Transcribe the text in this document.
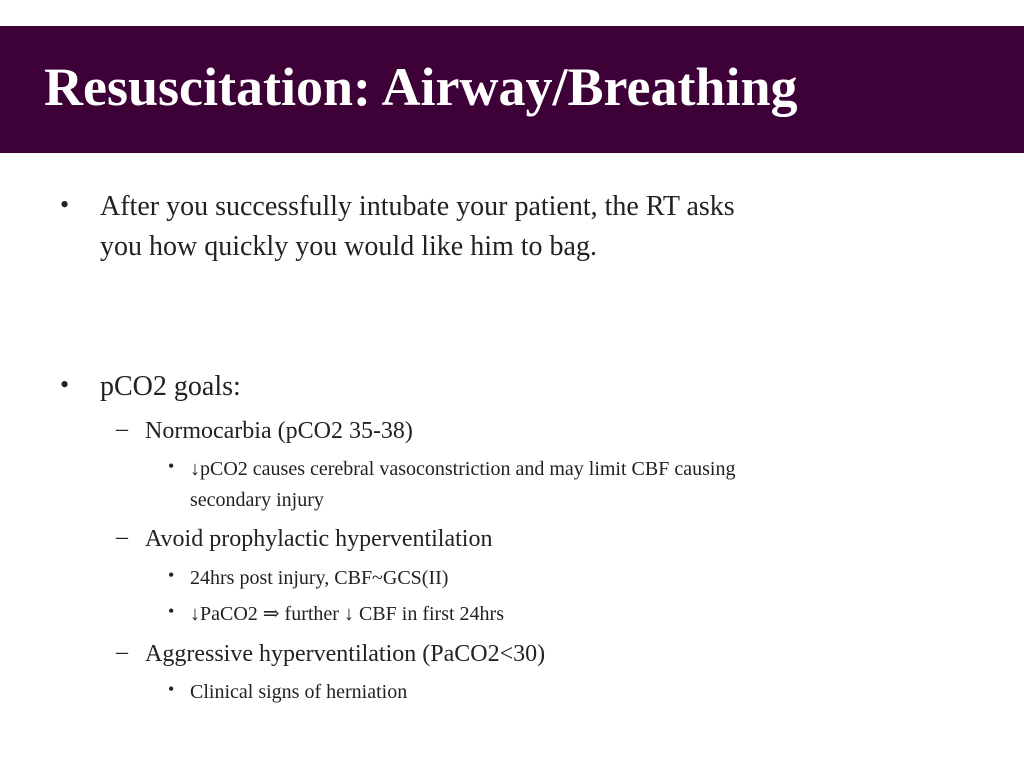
Resuscitation: Airway/Breathing
• After you successfully intubate your patient, the RT asks you how quickly you would like him to bag.

• pCO2 goals:

– Normocarbia (pCO2 35-38)

• ↓pCO2 causes cerebral vasoconstriction and may limit CBF causing secondary injury

– Avoid prophylactic hyperventilation

• 24hrs post injury, CBF~GCS(II)

• ↓PaCO2 ⇒ further ↓ CBF in first 24hrs

– Aggressive hyperventilation (PaCO2<30)

• Clinical signs of herniation
